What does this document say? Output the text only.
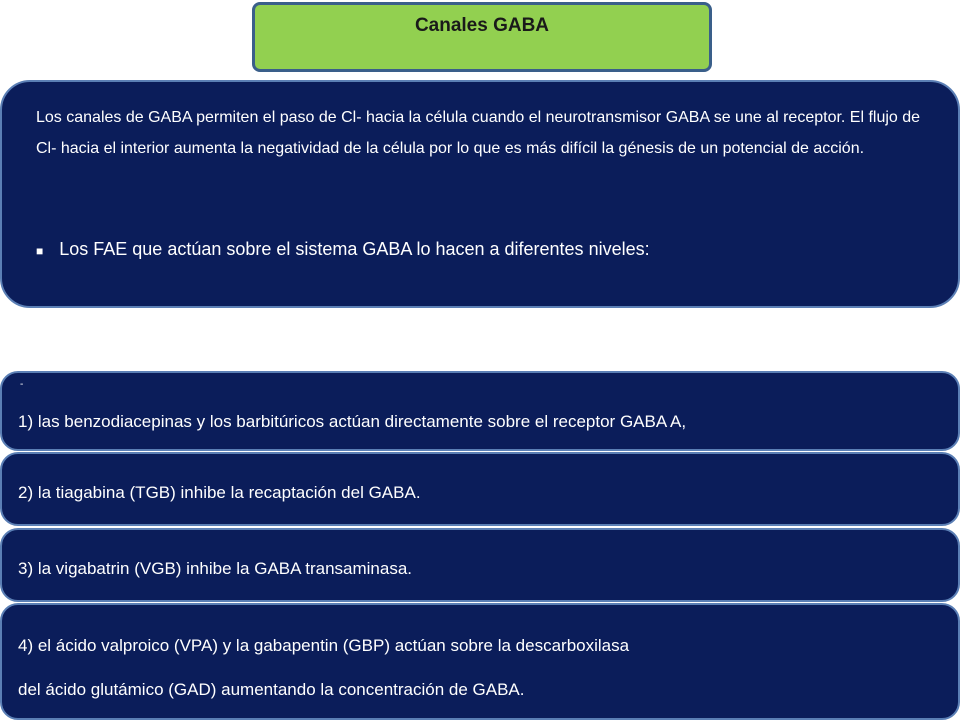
Canales GABA

Los canales de GABA permiten el paso de Cl- hacia la célula cuando el neurotransmisor GABA se une al receptor. El flujo de Cl- hacia el interior aumenta la negatividad de la célula por lo que es más difícil la génesis de un potencial de acción.

■ Los FAE que actúan sobre el sistema GABA lo hacen a diferentes niveles:
-
1) las benzodiacepinas y los barbitúricos actúan directamente sobre el receptor GABA A,
2) la tiagabina (TGB) inhibe la recaptación del GABA.
3) la vigabatrin (VGB) inhibe la GABA transaminasa.
4) el ácido valproico (VPA) y la gabapentin (GBP) actúan sobre la descarboxilasa
del ácido glutámico (GAD) aumentando la concentración de GABA.
